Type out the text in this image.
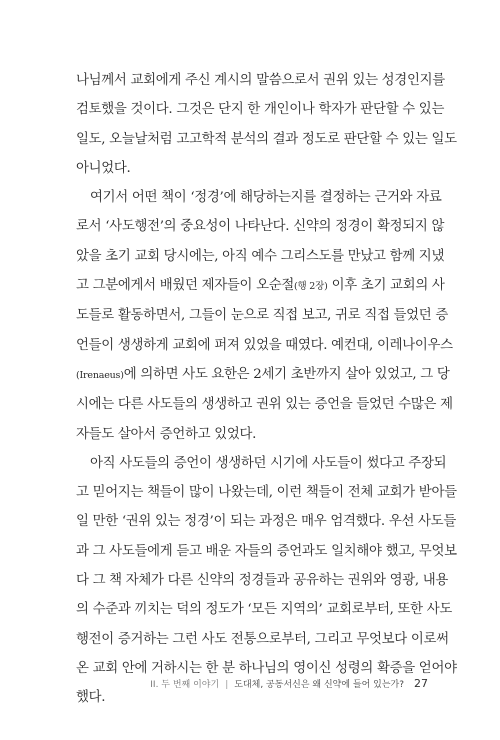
나님께서 교회에게 주신 계시의 말씀으로서 권위 있는 성경인지를
검토했을 것이다. 그것은 단지 한 개인이나 학자가 판단할 수 있는
일도, 오늘날처럼 고고학적 분석의 결과 정도로 판단할 수 있는 일도
아니었다.
여기서 어떤 책이 ‘정경’에 해당하는지를 결정하는 근거와 자료
로서 ‘사도행전’의 중요성이 나타난다. 신약의 정경이 확정되지 않
았을 초기 교회 당시에는, 아직 예수 그리스도를 만났고 함께 지냈
고 그분에게서 배웠던 제자들이 오순절(행 2장) 이후 초기 교회의 사
도들로 활동하면서, 그들이 눈으로 직접 보고, 귀로 직접 들었던 증
언들이 생생하게 교회에 퍼져 있었을 때였다. 예컨대, 이레나이우스
(Irenaeus)에 의하면 사도 요한은 2세기 초반까지 살아 있었고, 그 당
시에는 다른 사도들의 생생하고 권위 있는 증언을 들었던 수많은 제
자들도 살아서 증언하고 있었다.
아직 사도들의 증언이 생생하던 시기에 사도들이 썼다고 주장되
고 믿어지는 책들이 많이 나왔는데, 이런 책들이 전체 교회가 받아들
일 만한 ‘권위 있는 정경’이 되는 과정은 매우 엄격했다. 우선 사도들
과 그 사도들에게 듣고 배운 자들의 증언과도 일치해야 했고, 무엇보
다 그 책 자체가 다른 신약의 정경들과 공유하는 권위와 영광, 내용
의 수준과 끼치는 덕의 정도가 ‘모든 지역의’ 교회로부터, 또한 사도
행전이 증거하는 그런 사도 전통으로부터, 그리고 무엇보다 이로써
온 교회 안에 거하시는 한 분 하나님의 영이신 성령의 확증을 얻어야
했다.
II. 두 번째 이야기 | 도대체, 공동서신은 왜 신약에 들어 있는가? 27
